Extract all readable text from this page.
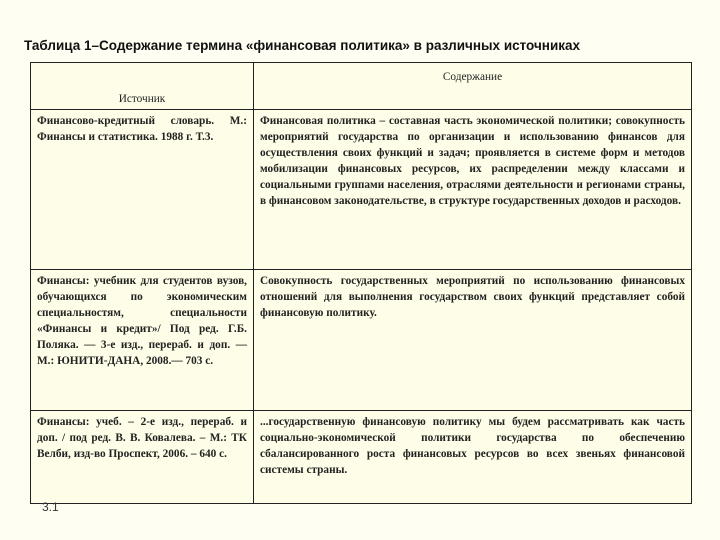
Таблица 1–Содержание термина «финансовая политика» в различных источниках
Источник	Содержание
Финансово-кредитный словарь. М.: Финансы и статистика. 1988 г. Т.3.	Финансовая политика – составная часть экономической политики; совокупность мероприятий государства по организации и использованию финансов для осуществления своих функций и задач; проявляется в системе форм и методов мобилизации финансовых ресурсов, их распределении между классами и социальными группами населения, отраслями деятельности и регионами страны, в финансовом законодательстве, в структуре государственных доходов и расходов.
Финансы: учебник для студентов вузов, обучающихся по экономическим специальностям, специальности «Финансы и кредит»/ Под ред. Г.Б. Поляка. — 3-е изд., перераб. и доп. — М.: ЮНИТИ-ДАНА, 2008.— 703 с.	Совокупность государственных мероприятий по использованию финансовых отношений для выполнения государством своих функций представляет собой финансовую политику.
Финансы: учеб. – 2-е изд., перераб. и доп. / под ред. В. В. Ковалева. – М.: ТК Велби, изд-во Проспект, 2006. – 640 с.	...государственную финансовую политику мы будем рассматривать как часть социально-экономической политики государства по обеспечению сбалансированного роста финансовых ресурсов во всех звеньях финансовой системы страны.
3.1
